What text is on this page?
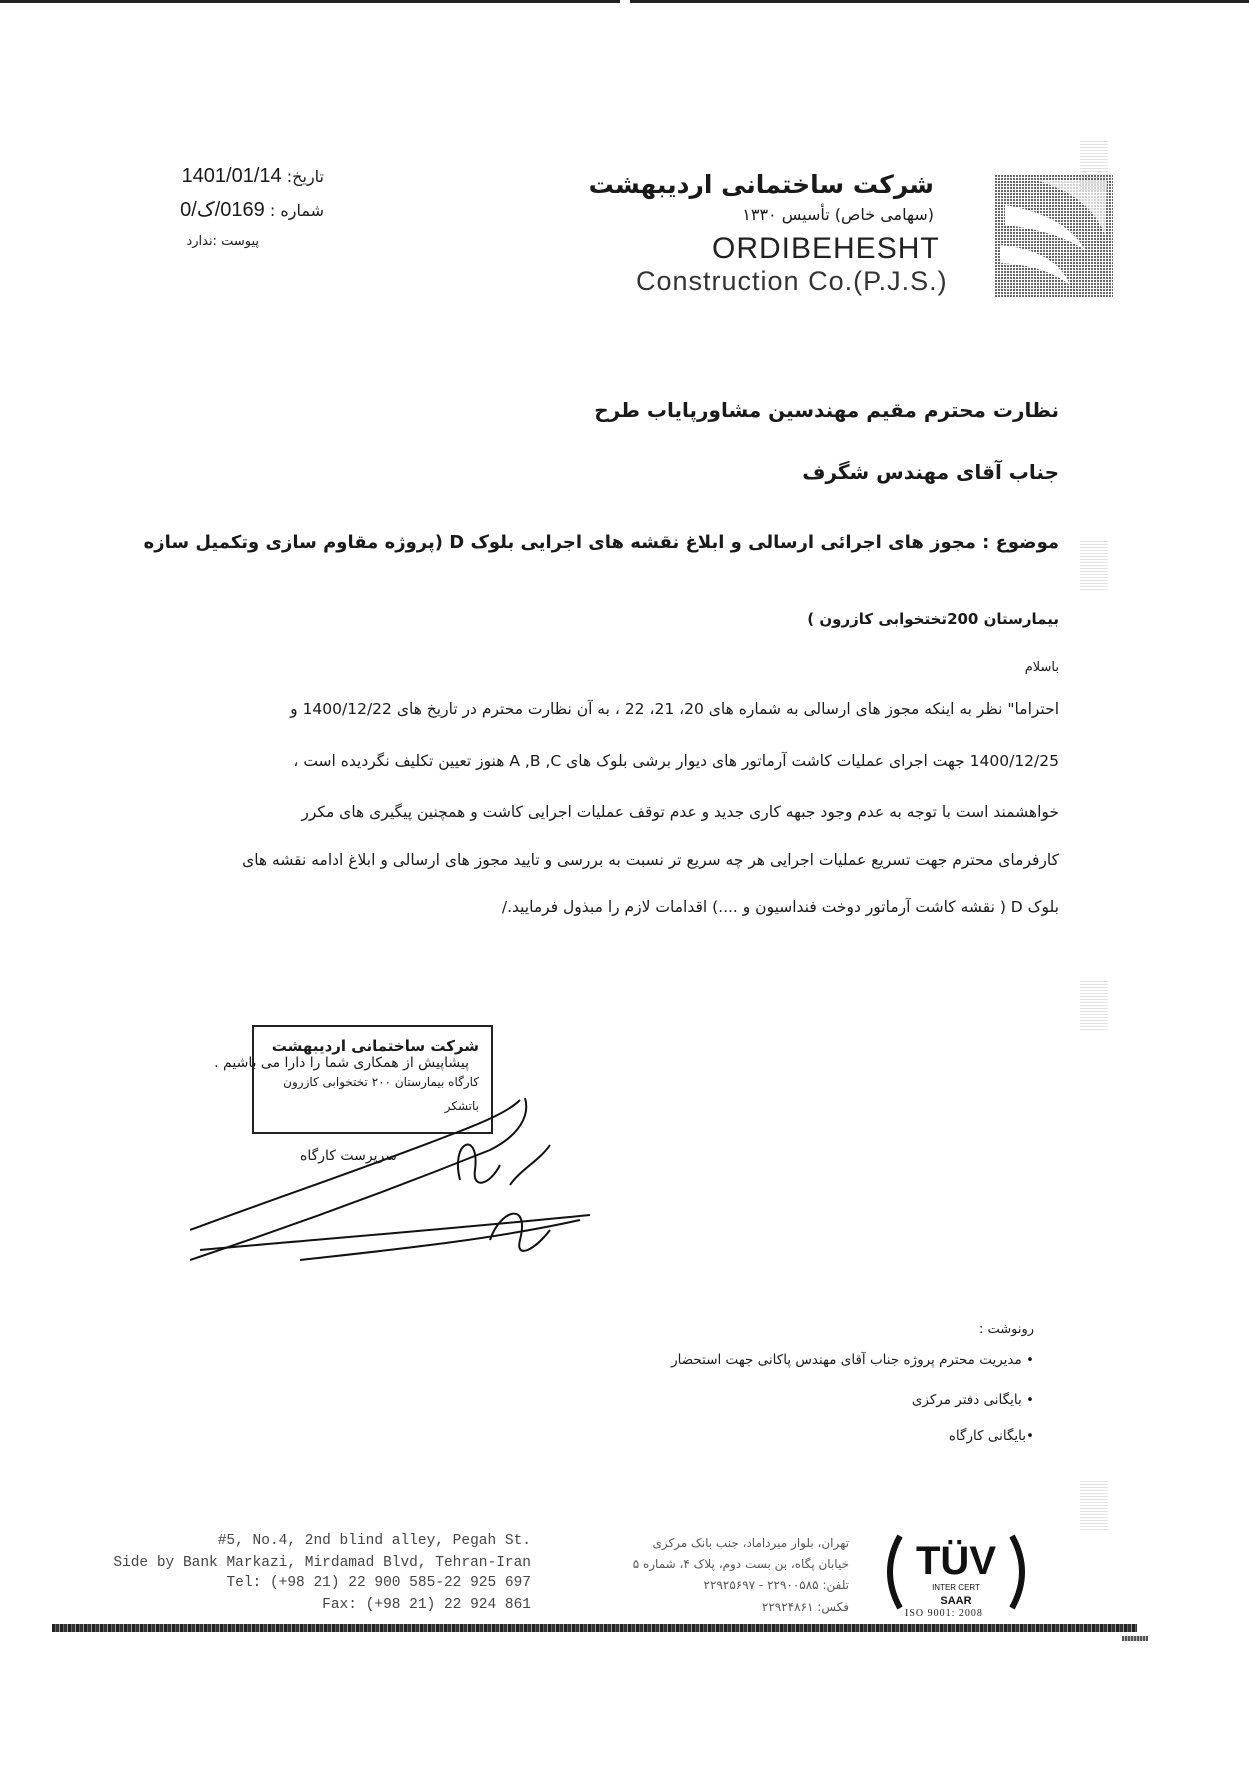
شرکت ساختمانی اردیبهشت
(سهامی خاص) تأسیس ۱۳۳۰
ORDIBEHESHT
Construction Co.(P.J.S.)
تاریخ: 1401/01/14
شماره : 0169/ک/0
پیوست :ندارد
نظارت محترم مقیم مهندسین مشاورپایاب طرح
جناب آقای مهندس شگرف
موضوع : مجوز های اجرائی ارسالی و ابلاغ نقشه های اجرایی بلوک D (پروژه مقاوم سازی وتکمیل سازه
بیمارستان 200تختخوابی کازرون )
باسلام
احتراما" نظر به اینکه مجوز های ارسالی به شماره های 20، 21، 22 ، به آن نظارت محترم در تاریخ های 1400/12/22 و
1400/12/25 جهت اجرای عملیات کاشت آرماتور های دیوار برشی بلوک های A ,B ,C هنوز تعیین تکلیف نگردیده است ،
خواهشمند است با توجه به عدم وجود جبهه کاری جدید و عدم توقف عملیات اجرایی کاشت و همچنین پیگیری های مکرر
کارفرمای محترم جهت تسریع عملیات اجرایی هر چه سریع تر نسبت به بررسی و تایید مجوز های ارسالی و ابلاغ ادامه نقشه های
بلوک D ( نقشه کاشت آرماتور دوخت فنداسیون و ....) اقدامات لازم را مبذول فرمایید./
پیشاپیش از همکاری شما را دارا می باشیم .
شرکت ساختمانی اردیبهشت
کارگاه بیمارستان ۲۰۰ تختخوابی کازرون
باتشکر
سرپرست کارگاه
رونوشت :
• مدیریت محترم پروژه جناب آقای مهندس پاکانی جهت استحضار
• بایگانی دفتر مرکزی
•بایگانی کارگاه
#5, No.4, 2nd blind alley, Pegah St.
Side by Bank Markazi, Mirdamad Blvd, Tehran-Iran
Tel: (+98 21) 22 900 585-22 925 697
Fax: (+98 21) 22 924 861
تهران، بلوار میرداماد، جنب بانک مرکزی
خیابان پگاه، بن بست دوم، پلاک ۴، شماره ۵
تلفن: ۲۲۹۰۰۵۸۵ - ۲۲۹۲۵۶۹۷
فکس: ۲۲۹۲۴۸۶۱
TÜV
INTER CERT
SAAR
ISO 9001: 2008
